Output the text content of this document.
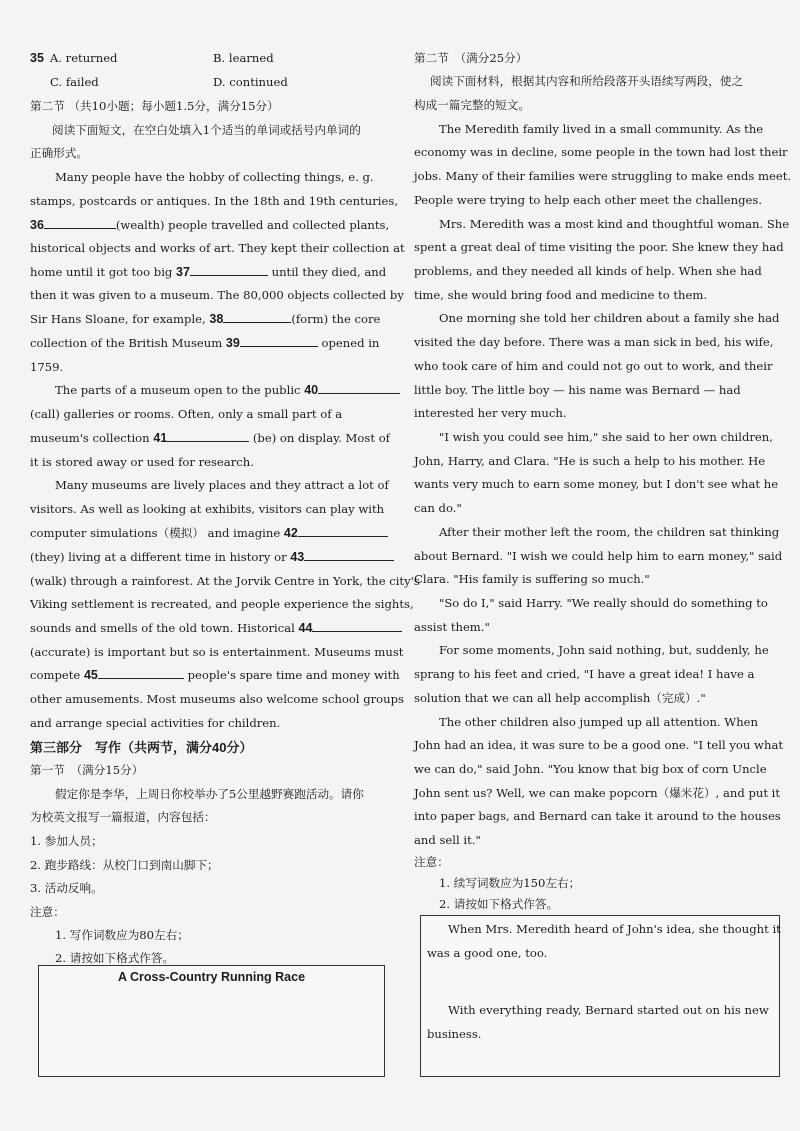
35 A. returned	B. learned
C. failed	D. continued
第二节 （共10小题；每小题1.5分，满分15分）
阅读下面短文，在空白处填入1个适当的单词或括号内单词的
正确形式。
Many people have the hobby of collecting things, e. g.
stamps, postcards or antiques. In the 18th and 19th centuries,
36	(wealth) people travelled and collected plants,
historical objects and works of art. They kept their collection at
home until it got too big 37	until they died, and
then it was given to a museum. The 80,000 objects collected by
Sir Hans Sloane, for example, 38	(form) the core
collection of the British Museum 39	opened in
1759.
The parts of a museum open to the public 40
(call) galleries or rooms. Often, only a small part of a
museum's collection 41	(be) on display. Most of
it is stored away or used for research.
Many museums are lively places and they attract a lot of
visitors. As well as looking at exhibits, visitors can play with
computer simulations（模拟） and imagine 42
(they) living at a different time in history or 43
(walk) through a rainforest. At the Jorvik Centre in York, the city's
Viking settlement is recreated, and people experience the sights,
sounds and smells of the old town. Historical 44
(accurate) is important but so is entertainment. Museums must
compete 45	people's spare time and money with
other amusements. Most museums also welcome school groups
and arrange special activities for children.
第三部分　写作（共两节，满分40分）
第一节　（满分15分）
假定你是李华，上周日你校举办了5公里越野赛跑活动。请你
为校英文报写一篇报道，内容包括：
1. 参加人员；
2. 跑步路线：从校门口到南山脚下；
3. 活动反响。
注意：
1. 写作词数应为80左右；
2. 请按如下格式作答。
A Cross-Country Running Race
第二节　（满分25分）
阅读下面材料，根据其内容和所给段落开头语续写两段，使之
构成一篇完整的短文。
The Meredith family lived in a small community. As the
economy was in decline, some people in the town had lost their
jobs. Many of their families were struggling to make ends meet.
People were trying to help each other meet the challenges.
Mrs. Meredith was a most kind and thoughtful woman. She
spent a great deal of time visiting the poor. She knew they had
problems, and they needed all kinds of help. When she had
time, she would bring food and medicine to them.
One morning she told her children about a family she had
visited the day before. There was a man sick in bed, his wife,
who took care of him and could not go out to work, and their
little boy. The little boy — his name was Bernard — had
interested her very much.
"I wish you could see him," she said to her own children,
John, Harry, and Clara. "He is such a help to his mother. He
wants very much to earn some money, but I don't see what he
can do."
After their mother left the room, the children sat thinking
about Bernard. "I wish we could help him to earn money," said
Clara. "His family is suffering so much."
"So do I," said Harry. "We really should do something to
assist them."
For some moments, John said nothing, but, suddenly, he
sprang to his feet and cried, "I have a great idea! I have a
solution that we can all help accomplish（完成）."
The other children also jumped up all attention. When
John had an idea, it was sure to be a good one. "I tell you what
we can do," said John. "You know that big box of corn Uncle
John sent us? Well, we can make popcorn（爆米花）, and put it
into paper bags, and Bernard can take it around to the houses
and sell it."
注意：
1. 续写词数应为150左右；
2. 请按如下格式作答。
When Mrs. Meredith heard of John's idea, she thought it
was a good one, too.
With everything ready, Bernard started out on his new
business.
